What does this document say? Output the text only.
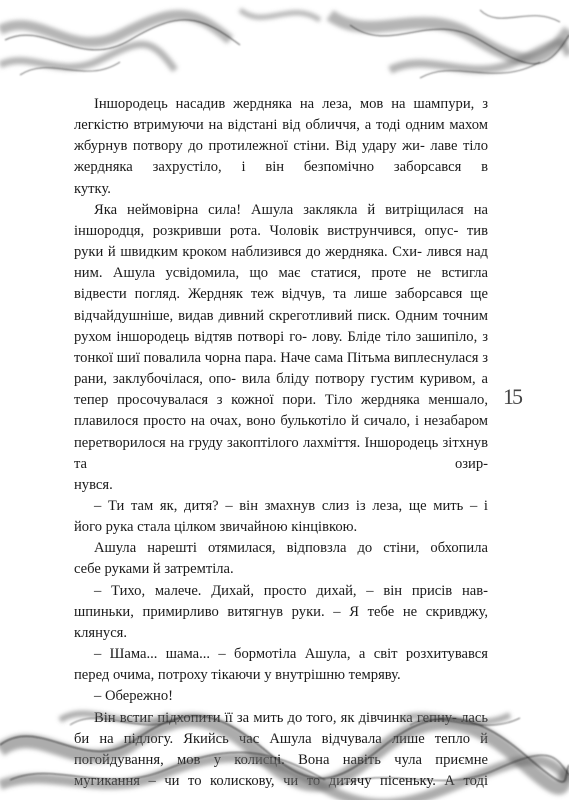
Іншородець насадив жердняка на леза, мов на шампури, з легкістю втримуючи на відстані від обличчя, а тоді одним махом жбурнув потвору до протилежної стіни. Від удару жи- лаве тіло жердняка захрустіло, і він безпомічно заборсався в

кутку.

Яка неймовірна сила! Ашула заклякла й витріщилася на іншородця, розкривши рота. Чоловік виструнчився, опус- тив руки й швидким кроком наблизився до жердняка. Схи- лився над ним. Ашула усвідомила, що має статися, проте не встигла відвести погляд. Жердняк теж відчув, та лише заборсався ще відчайдушніше, видав дивний скреготливий писк. Одним точним рухом іншородець відтяв потворі го- лову. Бліде тіло зашипіло, з тонкої шиї повалила чорна пара. Наче сама Пітьма виплеснулася з рани, заклубочілася, опо- вила бліду потвору густим куривом, а тепер просочувалася з кожної пори. Тіло жердняка меншало, плавилося просто на очах, воно булькотіло й сичало, і незабаром перетворилося на груду закоптілого лахміття. Іншородець зітхнув та озир-

нувся.

– Ти там як, дитя? – він змахнув слиз із леза, ще мить – і

його рука стала цілком звичайною кінцівкою.

Ашула нарешті отямилася, відповзла до стіни, обхопила

себе руками й затремтіла.

– Тихо, малече. Дихай, просто дихай, – він присів нав- шпиньки, примирливо витягнув руки. – Я тебе не скривджу,

клянуся.

– Шама... шама... – бормотіла Ашула, а світ розхитувався

перед очима, потроху тікаючи у внутрішню темряву.

– Обережно!

Він встиг підхопити її за мить до того, як дівчинка гепну- лась би на підлогу. Якийсь час Ашула відчувала лише тепло й погойдування, мов у колисці. Вона навіть чула приємне мугикання – чи то колискову, чи то дитячу пісеньку. А тоді

15
